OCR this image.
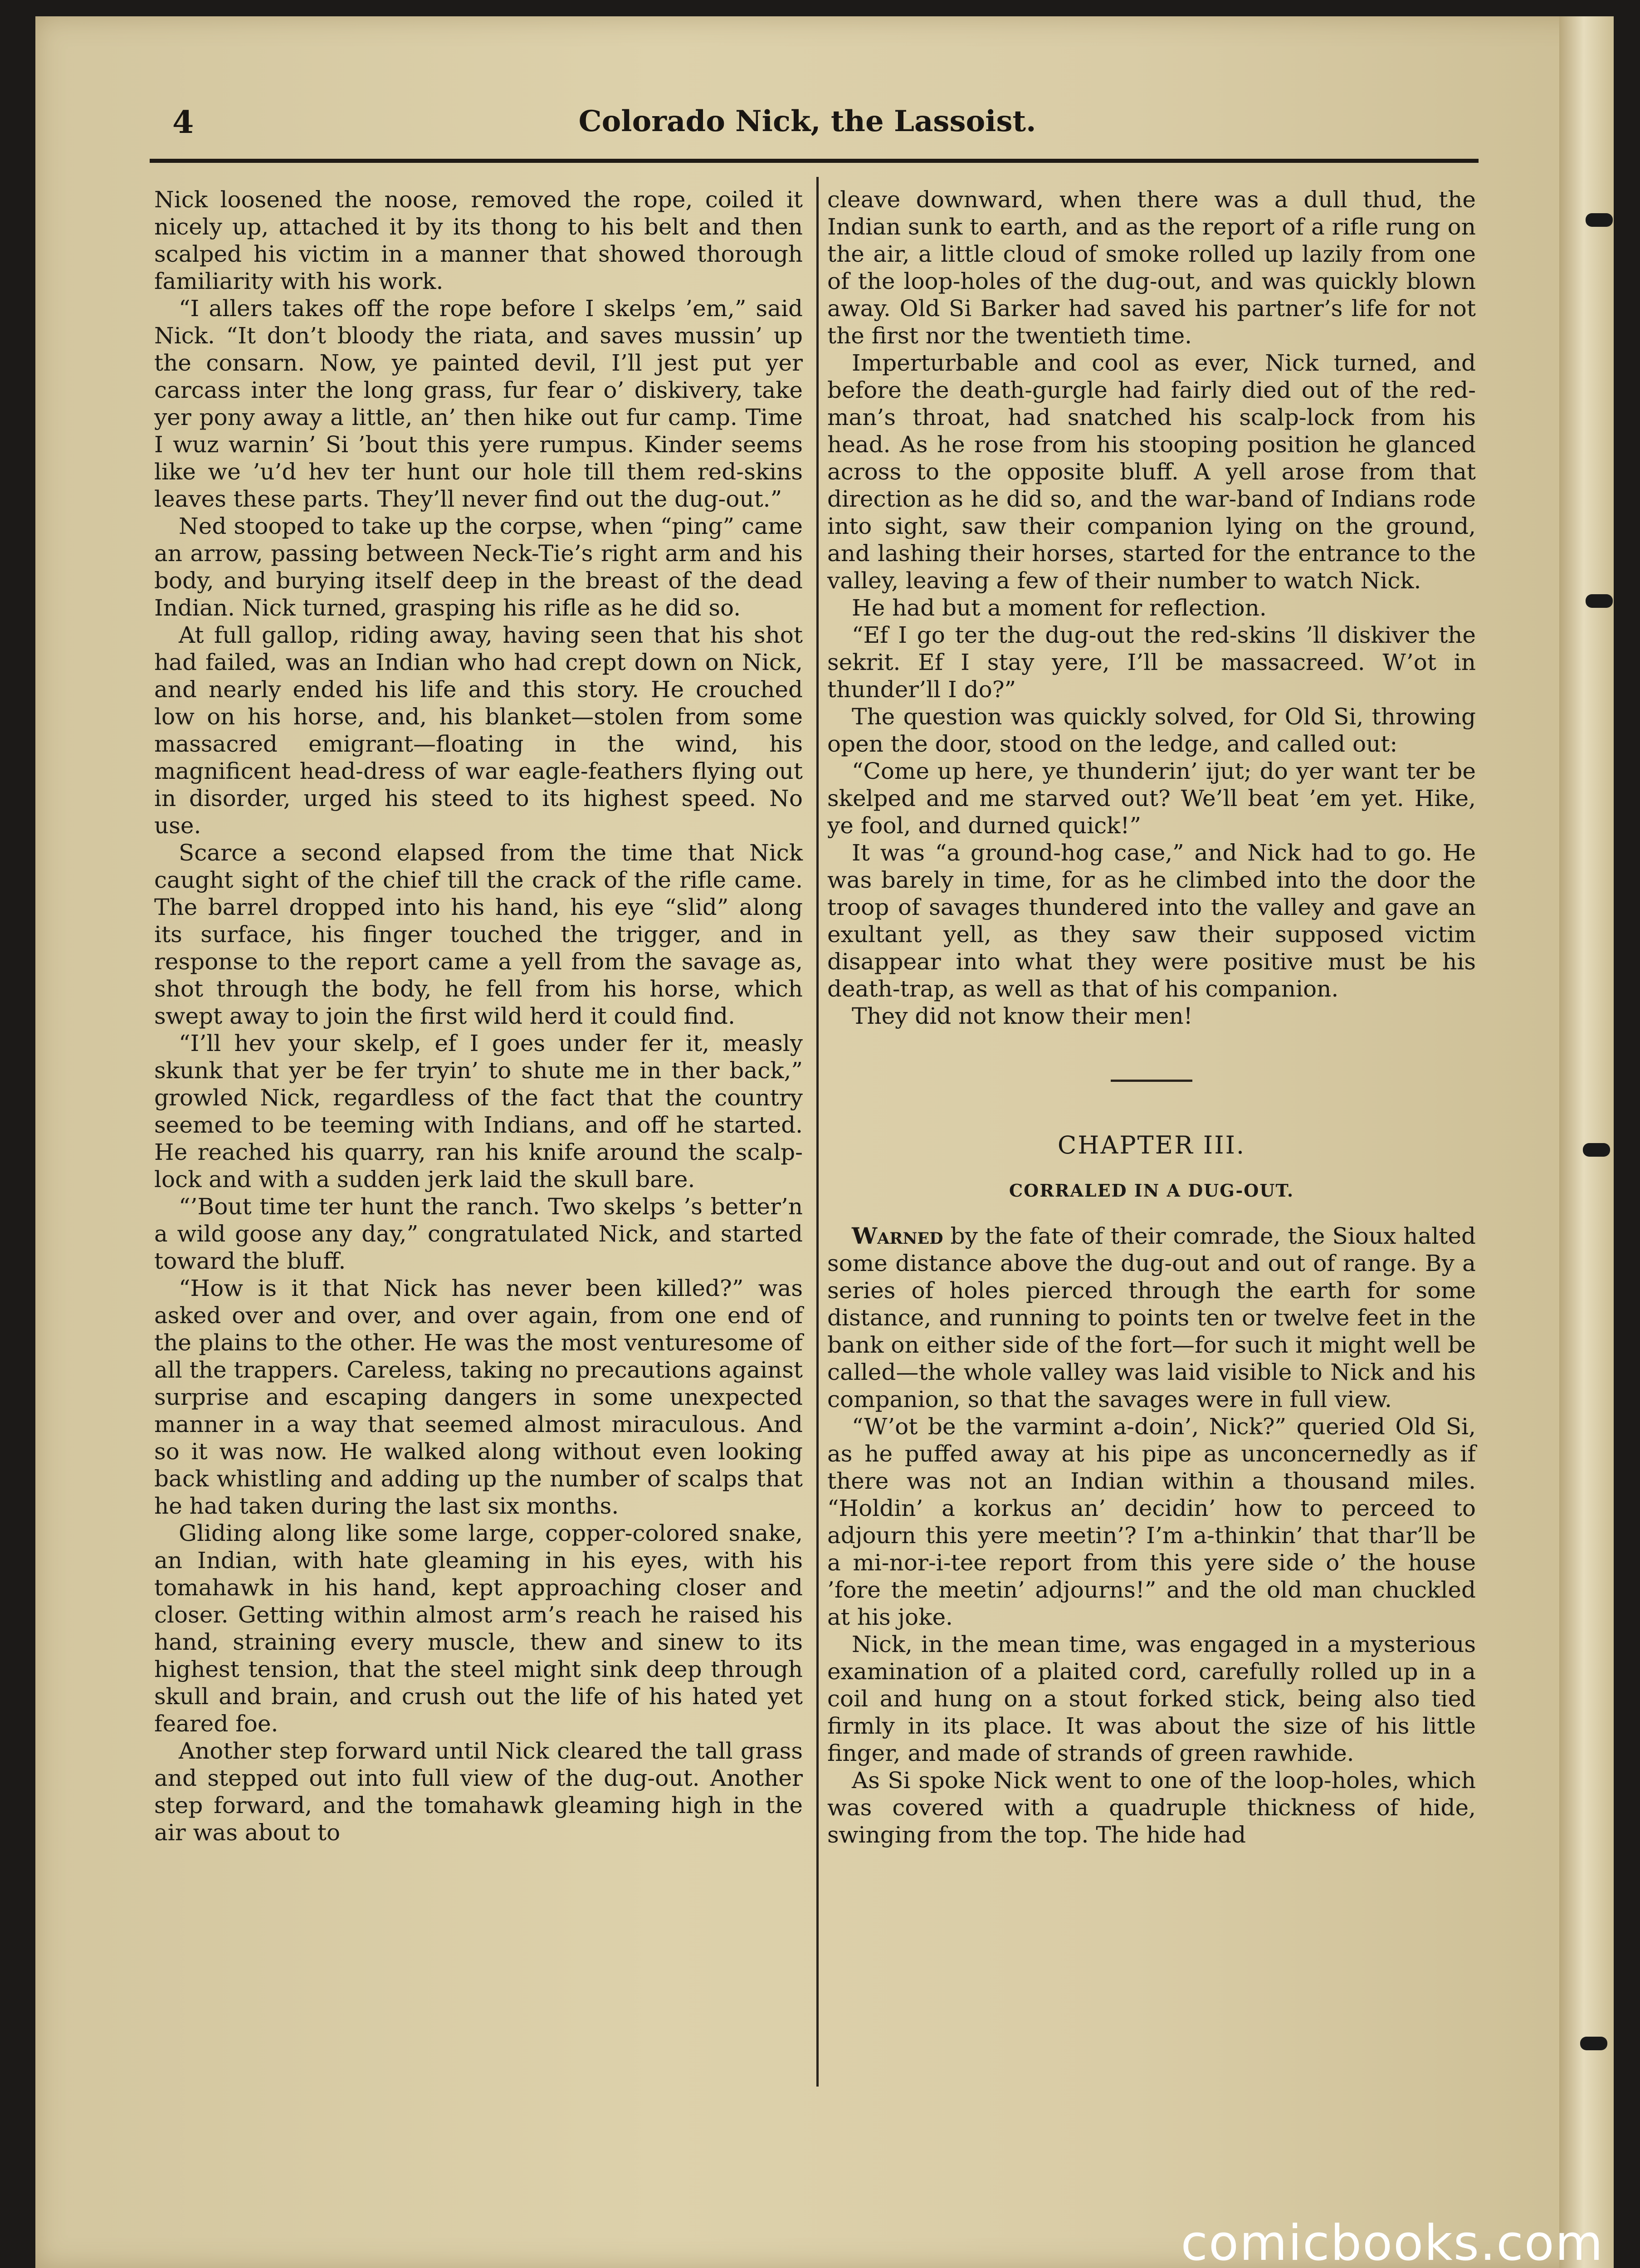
4	Colorado Nick, the Lassoist.

Nick loosened the noose, removed the rope, coiled it nicely up, attached it by its thong to his belt and then scalped his victim in a manner that showed thorough familiarity with his work.

“I allers takes off the rope before I skelps ’em,” said Nick. “It don’t bloody the riata, and saves mussin’ up the consarn. Now, ye painted devil, I’ll jest put yer carcass inter the long grass, fur fear o’ diskivery, take yer pony away a little, an’ then hike out fur camp. Time I wuz warnin’ Si ’bout this yere rumpus. Kinder seems like we ’u’d hev ter hunt our hole till them red-skins leaves these parts. They’ll never find out the dug-out.”

Ned stooped to take up the corpse, when “ping” came an arrow, passing between Neck-Tie’s right arm and his body, and burying itself deep in the breast of the dead Indian. Nick turned, grasping his rifle as he did so.

At full gallop, riding away, having seen that his shot had failed, was an Indian who had crept down on Nick, and nearly ended his life and this story. He crouched low on his horse, and, his blanket—stolen from some massacred emigrant—floating in the wind, his magnificent head-dress of war eagle-feathers flying out in disorder, urged his steed to its highest speed. No use.

Scarce a second elapsed from the time that Nick caught sight of the chief till the crack of the rifle came. The barrel dropped into his hand, his eye “slid” along its surface, his finger touched the trigger, and in response to the report came a yell from the savage as, shot through the body, he fell from his horse, which swept away to join the first wild herd it could find.

“I’ll hev your skelp, ef I goes under fer it, measly skunk that yer be fer tryin’ to shute me in ther back,” growled Nick, regardless of the fact that the country seemed to be teeming with Indians, and off he started. He reached his quarry, ran his knife around the scalp-lock and with a sudden jerk laid the skull bare.

“’Bout time ter hunt the ranch. Two skelps ’s better’n a wild goose any day,” congratulated Nick, and started toward the bluff.

“How is it that Nick has never been killed?” was asked over and over, and over again, from one end of the plains to the other. He was the most venturesome of all the trappers. Careless, taking no precautions against surprise and escaping dangers in some unexpected manner in a way that seemed almost miraculous. And so it was now. He walked along without even looking back whistling and adding up the number of scalps that he had taken during the last six months.

Gliding along like some large, copper-colored snake, an Indian, with hate gleaming in his eyes, with his tomahawk in his hand, kept approaching closer and closer. Getting within almost arm’s reach he raised his hand, straining every muscle, thew and sinew to its highest tension, that the steel might sink deep through skull and brain, and crush out the life of his hated yet feared foe.

Another step forward until Nick cleared the tall grass and stepped out into full view of the dug-out. Another step forward, and the tomahawk gleaming high in the air was about to

cleave downward, when there was a dull thud, the Indian sunk to earth, and as the report of a rifle rung on the air, a little cloud of smoke rolled up lazily from one of the loop-holes of the dug-out, and was quickly blown away. Old Si Barker had saved his partner’s life for not the first nor the twentieth time.

Imperturbable and cool as ever, Nick turned, and before the death-gurgle had fairly died out of the red-man’s throat, had snatched his scalp-lock from his head. As he rose from his stooping position he glanced across to the opposite bluff. A yell arose from that direction as he did so, and the war-band of Indians rode into sight, saw their companion lying on the ground, and lashing their horses, started for the entrance to the valley, leaving a few of their number to watch Nick.

He had but a moment for reflection.

“Ef I go ter the dug-out the red-skins ’ll diskiver the sekrit. Ef I stay yere, I’ll be massacreed. W’ot in thunder’ll I do?”

The question was quickly solved, for Old Si, throwing open the door, stood on the ledge, and called out:

“Come up here, ye thunderin’ ijut; do yer want ter be skelped and me starved out? We’ll beat ’em yet. Hike, ye fool, and durned quick!”

It was “a ground-hog case,” and Nick had to go. He was barely in time, for as he climbed into the door the troop of savages thundered into the valley and gave an exultant yell, as they saw their supposed victim disappear into what they were positive must be his death-trap, as well as that of his companion.

They did not know their men!

CHAPTER III.
CORRALED IN A DUG-OUT.

Warned by the fate of their comrade, the Sioux halted some distance above the dug-out and out of range. By a series of holes pierced through the earth for some distance, and running to points ten or twelve feet in the bank on either side of the fort—for such it might well be called—the whole valley was laid visible to Nick and his companion, so that the savages were in full view.

“W’ot be the varmint a-doin’, Nick?” queried Old Si, as he puffed away at his pipe as unconcernedly as if there was not an Indian within a thousand miles. “Holdin’ a korkus an’ decidin’ how to perceed to adjourn this yere meetin’? I’m a-thinkin’ that thar’ll be a mi-nor-i-tee report from this yere side o’ the house ’fore the meetin’ adjourns!” and the old man chuckled at his joke.

Nick, in the mean time, was engaged in a mysterious examination of a plaited cord, carefully rolled up in a coil and hung on a stout forked stick, being also tied firmly in its place. It was about the size of his little finger, and made of strands of green rawhide.

As Si spoke Nick went to one of the loop-holes, which was covered with a quadruple thickness of hide, swinging from the top. The hide had

comicbooks.com
